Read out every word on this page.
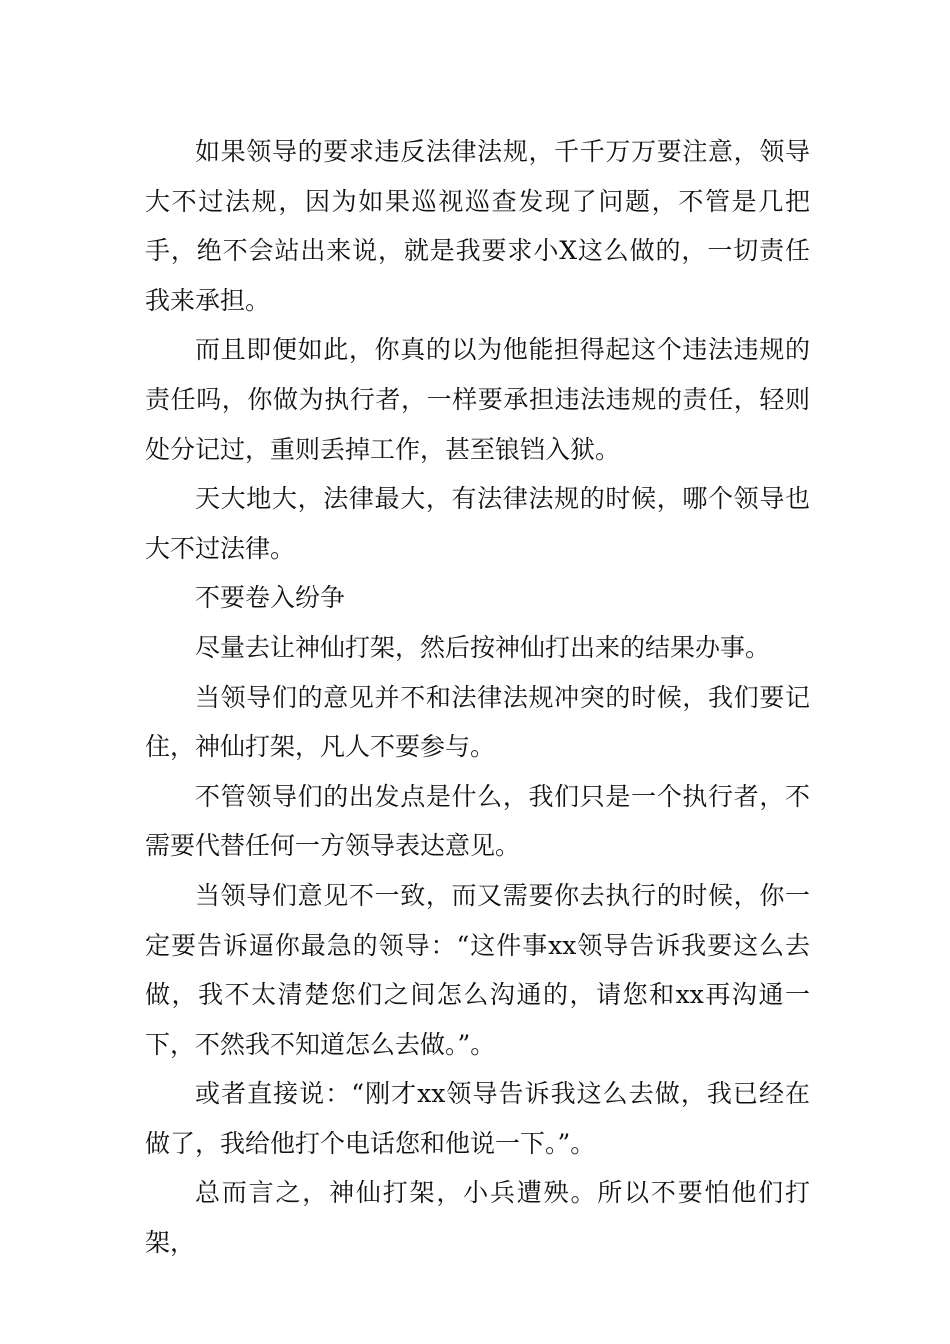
如果领导的要求违反法律法规，千千万万要注意，领导大不过法规，因为如果巡视巡查发现了问题，不管是几把手，绝不会站出来说，就是我要求小X这么做的，一切责任我来承担。

而且即便如此，你真的以为他能担得起这个违法违规的责任吗，你做为执行者，一样要承担违法违规的责任，轻则处分记过，重则丢掉工作，甚至锒铛入狱。

天大地大，法律最大，有法律法规的时候，哪个领导也大不过法律。

不要卷入纷争

尽量去让神仙打架，然后按神仙打出来的结果办事。

当领导们的意见并不和法律法规冲突的时候，我们要记住，神仙打架，凡人不要参与。

不管领导们的出发点是什么，我们只是一个执行者，不需要代替任何一方领导表达意见。

当领导们意见不一致，而又需要你去执行的时候，你一定要告诉逼你最急的领导：“这件事xx领导告诉我要这么去做，我不太清楚您们之间怎么沟通的，请您和xx再沟通一下，不然我不知道怎么去做。”。

或者直接说：“刚才xx领导告诉我这么去做，我已经在做了，我给他打个电话您和他说一下。”。

总而言之，神仙打架，小兵遭殃。所以不要怕他们打架，
